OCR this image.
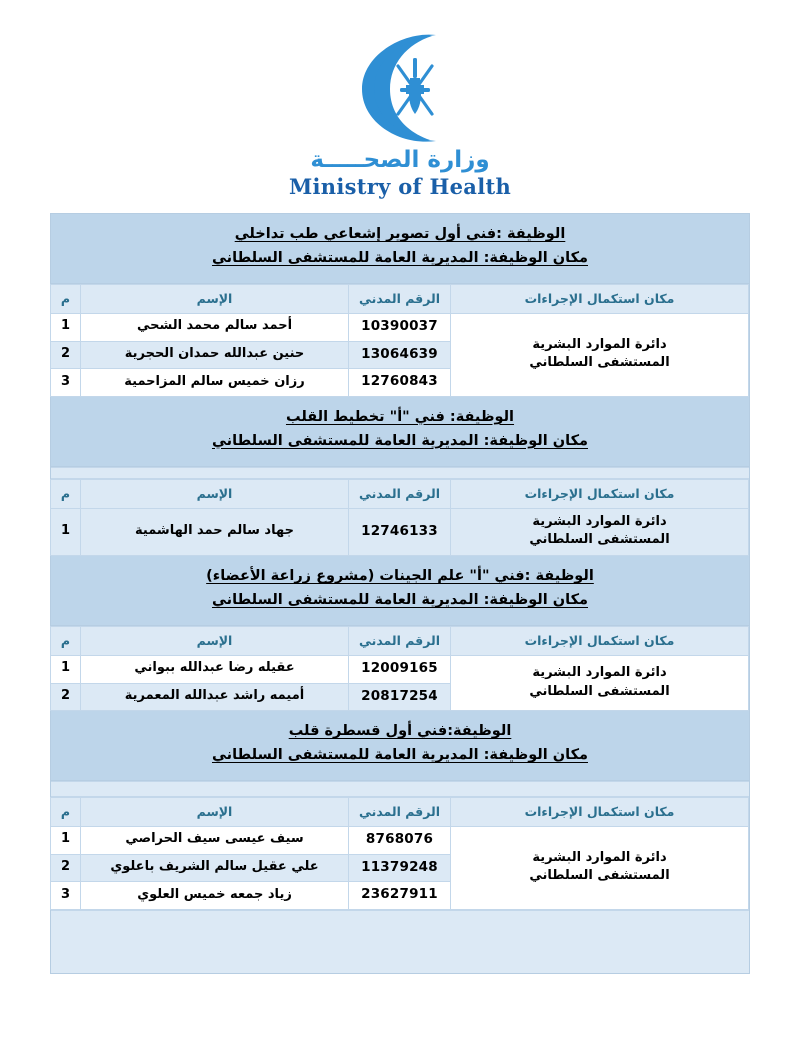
وزارة الصحـــــة
Ministry of Health
الوظيفة :فني أول تصوير إشعاعي طب تداخلي
مكان الوظيفة: المديرية العامة للمستشفى السلطاني
مكان استكمال الإجراءات	الرقم المدني	الإسم	م

دائرة الموارد البشرية
المستشفى السلطاني	10390037	أحمد سالم محمد الشحي	1
	13064639	حنين عبدالله حمدان الحجرية	2
	12760843	رزان خميس سالم المزاحمية	3
الوظيفة: فني "أ" تخطيط القلب
مكان الوظيفة: المديرية العامة للمستشفى السلطاني
مكان استكمال الإجراءات	الرقم المدني	الإسم	م

دائرة الموارد البشرية
المستشفى السلطاني	12746133	جهاد سالم حمد الهاشمية	1
الوظيفة :فني "أ" علم الجينات (مشروع زراعة الأعضاء)
مكان الوظيفة: المديرية العامة للمستشفى السلطاني
مكان استكمال الإجراءات	الرقم المدني	الإسم	م

دائرة الموارد البشرية
المستشفى السلطاني	12009165	عقيله رضا عبدالله ببواني	1
	20817254	أميمه راشد عبدالله المعمرية	2
الوظيفة:فني أول قسطرة قلب
مكان الوظيفة: المديرية العامة للمستشفى السلطاني
مكان استكمال الإجراءات	الرقم المدني	الإسم	م

دائرة الموارد البشرية
المستشفى السلطاني	8768076	سيف عيسى سيف الحراصي	1
	11379248	علي عقيل سالم الشريف باعلوي	2
	23627911	زياد جمعه خميس العلوي	3
